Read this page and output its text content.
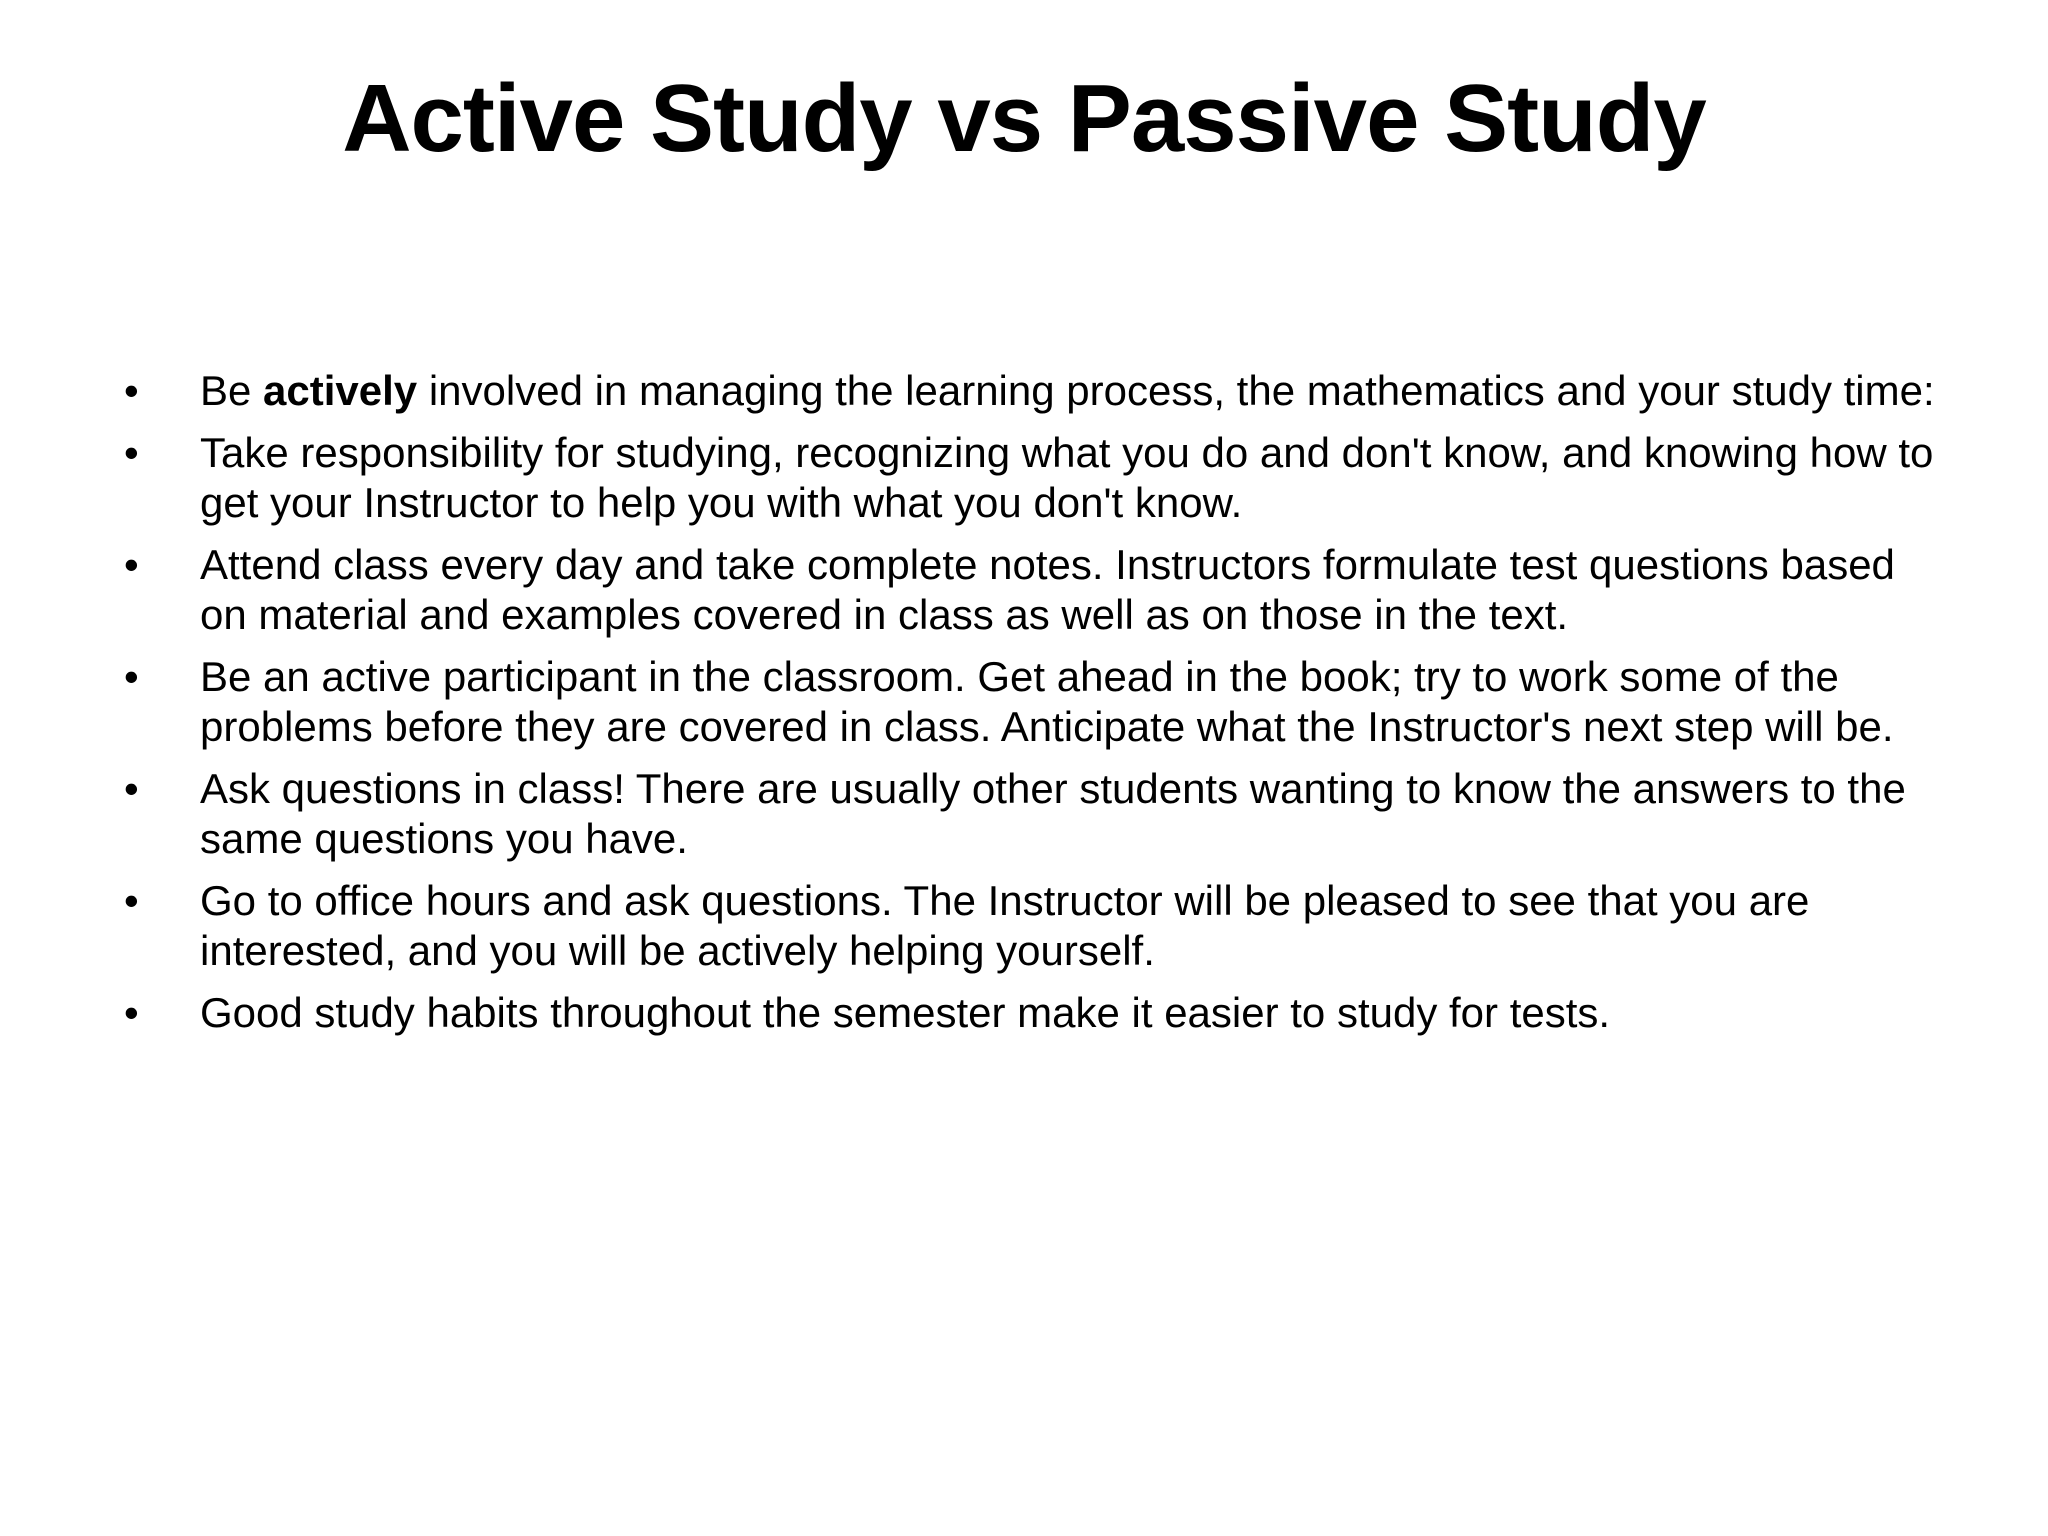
Active Study vs Passive Study
•	Be actively involved in managing the learning process, the mathematics and your study time:
•	Take responsibility for studying, recognizing what you do and don't know, and knowing how to get your Instructor to help you with what you don't know.
•	Attend class every day and take complete notes. Instructors formulate test questions based on material and examples covered in class as well as on those in the text.
•	Be an active participant in the classroom. Get ahead in the book; try to work some of the problems before they are covered in class. Anticipate what the Instructor's next step will be.
•	Ask questions in class! There are usually other students wanting to know the answers to the same questions you have.
•	Go to office hours and ask questions. The Instructor will be pleased to see that you are interested, and you will be actively helping yourself.
•	Good study habits throughout the semester make it easier to study for tests.
